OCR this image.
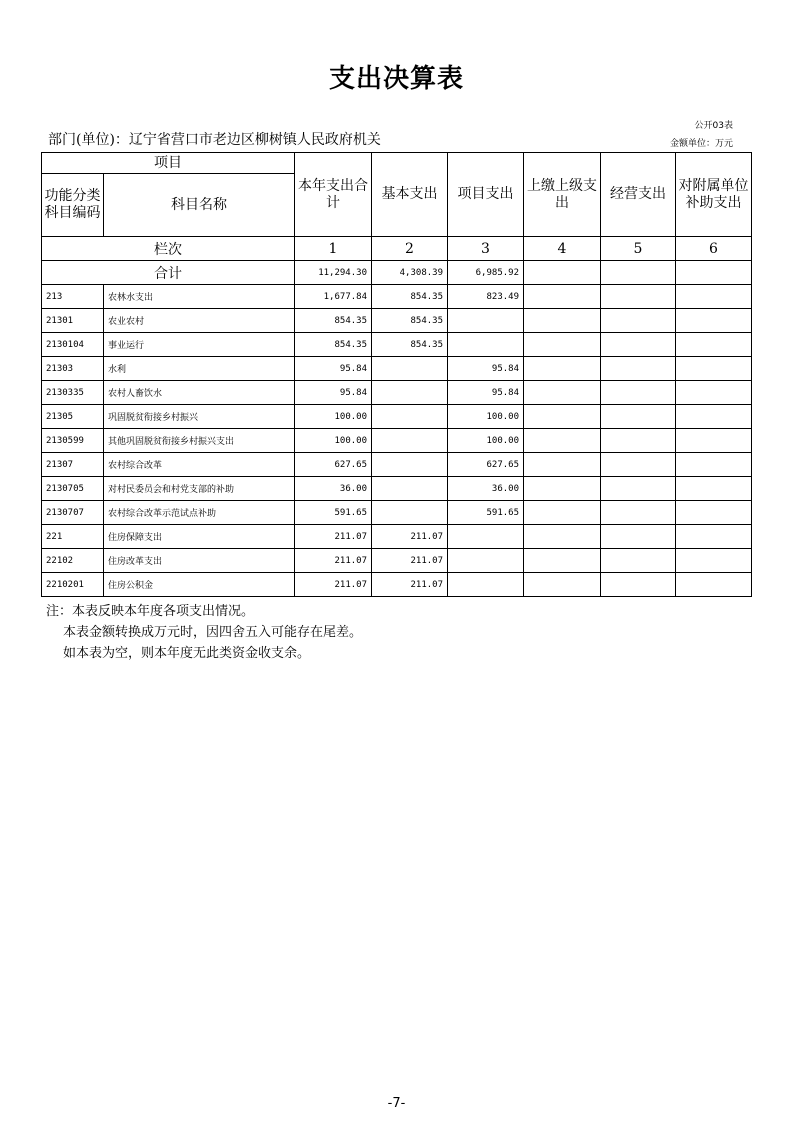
支出决算表
公开03表
金额单位：万元
部门(单位)：辽宁省营口市老边区柳树镇人民政府机关
项目		本年支出合计	基本支出	项目支出	上缴上级支出	经营支出	对附属单位补助支出
功能分类科目编码	科目名称						
栏次		1	2	3	4	5	6
合计		11,294.30	4,308.39	6,985.92			
213	农林水支出	1,677.84	854.35	823.49			
21301	农业农村	854.35	854.35				
2130104	事业运行	854.35	854.35				
21303	水利	95.84		95.84			
2130335	农村人畜饮水	95.84		95.84			
21305	巩固脱贫衔接乡村振兴	100.00		100.00			
2130599	其他巩固脱贫衔接乡村振兴支出	100.00		100.00			
21307	农村综合改革	627.65		627.65			
2130705	对村民委员会和村党支部的补助	36.00		36.00			
2130707	农村综合改革示范试点补助	591.65		591.65			
221	住房保障支出	211.07	211.07				
22102	住房改革支出	211.07	211.07				
2210201	住房公积金	211.07	211.07				
注：本表反映本年度各项支出情况。
本表金额转换成万元时，因四舍五入可能存在尾差。
如本表为空，则本年度无此类资金收支余。
-7-
